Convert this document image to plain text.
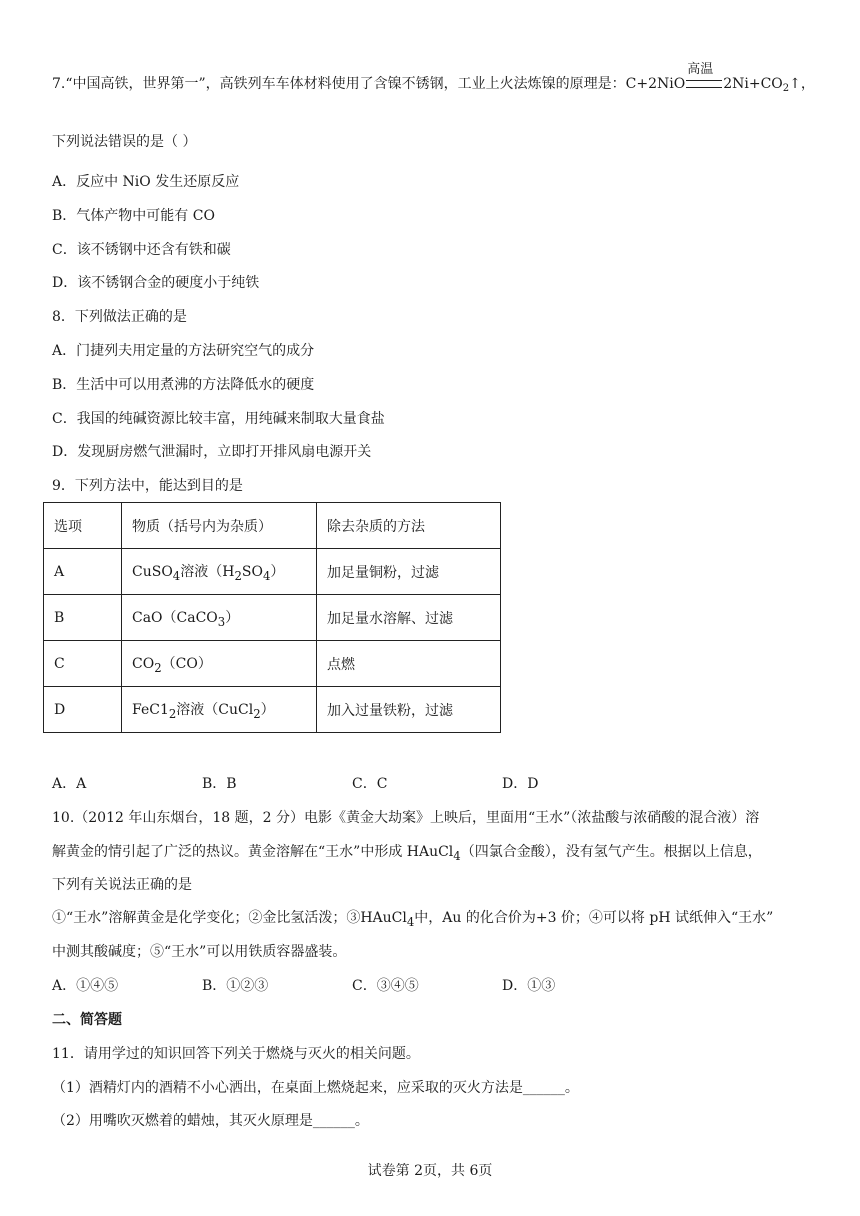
7.“中国高铁，世界第一”，高铁列车车体材料使用了含镍不锈钢，工业上火法炼镍的原理是：C+2NiO
高温
$2Ni+CO_2↑$，
下列说法错误的是（ ）
A．反应中 NiO 发生还原反应
B．气体产物中可能有 CO
C．该不锈钢中还含有铁和碳
D．该不锈钢合金的硬度小于纯铁
8．下列做法正确的是
A．门捷列夫用定量的方法研究空气的成分
B．生活中可以用煮沸的方法降低水的硬度
C．我国的纯碱资源比较丰富，用纯碱来制取大量食盐
D．发现厨房燃气泄漏时，立即打开排风扇电源开关
9．下列方法中，能达到目的是
选项	物质（括号内为杂质）	除去杂质的方法
A	CuSO$_4$溶液$(H_2SO_4)$	加足量铜粉，过滤
B	CaO（CaCO$_3$）	加足量水溶解、过滤
C	$CO_2(CO)$	点燃
D	$FeC1_2$溶液（CuCl$_2$）	加入过量铁粉，过滤
A．A	B．B	C．C	D．D
10.（2012 年山东烟台，18 题，2 分）电影《黄金大劫案》上映后，里面用“王水”（浓盐酸与浓硝酸的混合液）溶
解黄金的情引起了广泛的热议。黄金溶解在“王水”中形成 HAuCl$_4$（四氯合金酸），没有氢气产生。根据以上信息，
下列有关说法正确的是
①“王水”溶解黄金是化学变化；②金比氢活泼；③HAuCl$_4$中，Au 的化合价为+3 价；④可以将 pH 试纸伸入“王水”
中测其酸碱度；⑤“王水”可以用铁质容器盛装。
A．①④⑤	B．①②③	C．③④⑤	D．①③
二、简答题
11．请用学过的知识回答下列关于燃烧与灭火的相关问题。
（1）酒精灯内的酒精不小心洒出，在桌面上燃烧起来，应采取的灭火方法是______。
（2）用嘴吹灭燃着的蜡烛，其灭火原理是______。
试卷第 2页，共 6页
